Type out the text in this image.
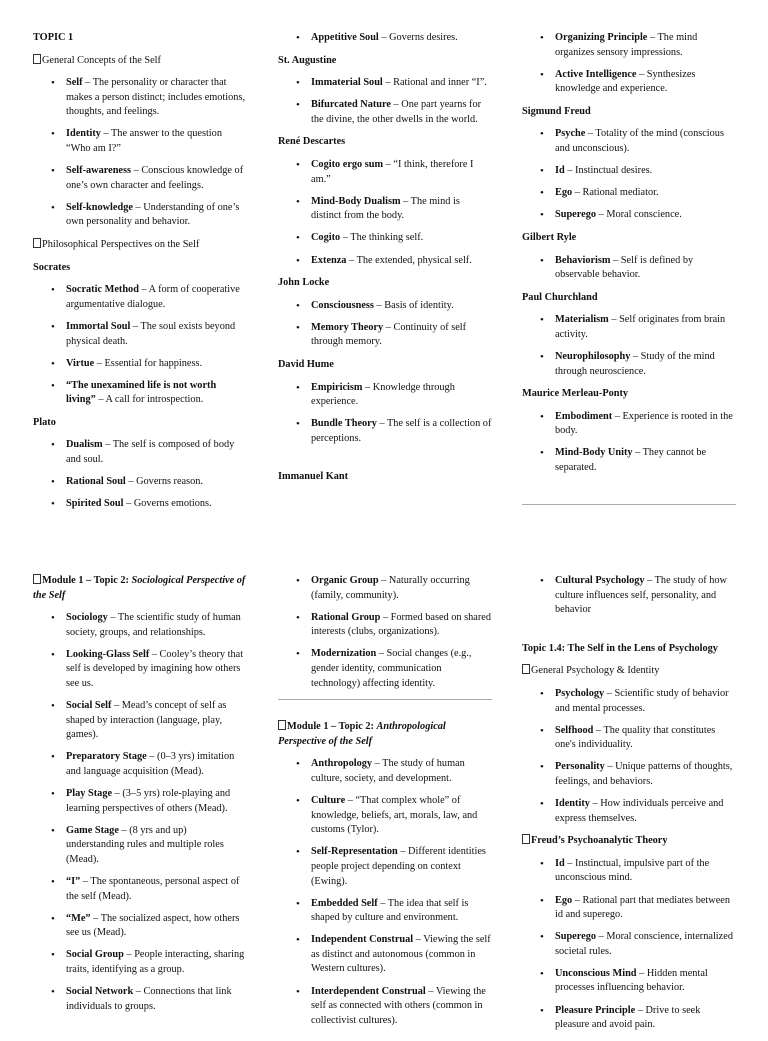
TOPIC 1
General Concepts of the Self
• Self – The personality or character that makes a person distinct; includes emotions, thoughts, and feelings.
• Identity – The answer to the question “Who am I?”
• Self-awareness – Conscious knowledge of one’s own character and feelings.
• Self-knowledge – Understanding of one’s own personality and behavior.
Philosophical Perspectives on the Self
Socrates
• Socratic Method – A form of cooperative argumentative dialogue.
• Immortal Soul – The soul exists beyond physical death.
• Virtue – Essential for happiness.
• “The unexamined life is not worth living” – A call for introspection.
Plato
• Dualism – The self is composed of body and soul.
• Rational Soul – Governs reason.
• Spirited Soul – Governs emotions.
• Appetitive Soul – Governs desires.
St. Augustine
• Immaterial Soul – Rational and inner “I”.
• Bifurcated Nature – One part yearns for the divine, the other dwells in the world.
René Descartes
• Cogito ergo sum – “I think, therefore I am.”
• Mind-Body Dualism – The mind is distinct from the body.
• Cogito – The thinking self.
• Extenza – The extended, physical self.
John Locke
• Consciousness – Basis of identity.
• Memory Theory – Continuity of self through memory.
David Hume
• Empiricism – Knowledge through experience.
• Bundle Theory – The self is a collection of perceptions.
Immanuel Kant
• Organizing Principle – The mind organizes sensory impressions.
• Active Intelligence – Synthesizes knowledge and experience.
Sigmund Freud
• Psyche – Totality of the mind (conscious and unconscious).
• Id – Instinctual desires.
• Ego – Rational mediator.
• Superego – Moral conscience.
Gilbert Ryle
• Behaviorism – Self is defined by observable behavior.
Paul Churchland
• Materialism – Self originates from brain activity.
• Neurophilosophy – Study of the mind through neuroscience.
Maurice Merleau-Ponty
• Embodiment – Experience is rooted in the body.
• Mind-Body Unity – They cannot be separated.
Module 1 – Topic 2: Sociological Perspective of the Self
• Sociology – The scientific study of human society, groups, and relationships.
• Looking-Glass Self – Cooley’s theory that self is developed by imagining how others see us.
• Social Self – Mead’s concept of self as shaped by interaction (language, play, games).
• Preparatory Stage – (0–3 yrs) imitation and language acquisition (Mead).
• Play Stage – (3–5 yrs) role-playing and learning perspectives of others (Mead).
• Game Stage – (8 yrs and up) understanding rules and multiple roles (Mead).
• “I” – The spontaneous, personal aspect of the self (Mead).
• “Me” – The socialized aspect, how others see us (Mead).
• Social Group – People interacting, sharing traits, identifying as a group.
• Social Network – Connections that link individuals to groups.
• Organic Group – Naturally occurring (family, community).
• Rational Group – Formed based on shared interests (clubs, organizations).
• Modernization – Social changes (e.g., gender identity, communication technology) affecting identity.
Module 1 – Topic 2: Anthropological Perspective of the Self
• Anthropology – The study of human culture, society, and development.
• Culture – “That complex whole” of knowledge, beliefs, art, morals, law, and customs (Tylor).
• Self-Representation – Different identities people project depending on context (Ewing).
• Embedded Self – The idea that self is shaped by culture and environment.
• Independent Construal – Viewing the self as distinct and autonomous (common in Western cultures).
• Interdependent Construal – Viewing the self as connected with others (common in collectivist cultures).
• Cultural Psychology – The study of how culture influences self, personality, and behavior
Topic 1.4: The Self in the Lens of Psychology
General Psychology & Identity
• Psychology – Scientific study of behavior and mental processes.
• Selfhood – The quality that constitutes one's individuality.
• Personality – Unique patterns of thoughts, feelings, and behaviors.
• Identity – How individuals perceive and express themselves.
Freud’s Psychoanalytic Theory
• Id – Instinctual, impulsive part of the unconscious mind.
• Ego – Rational part that mediates between id and superego.
• Superego – Moral conscience, internalized societal rules.
• Unconscious Mind – Hidden mental processes influencing behavior.
• Pleasure Principle – Drive to seek pleasure and avoid pain.
